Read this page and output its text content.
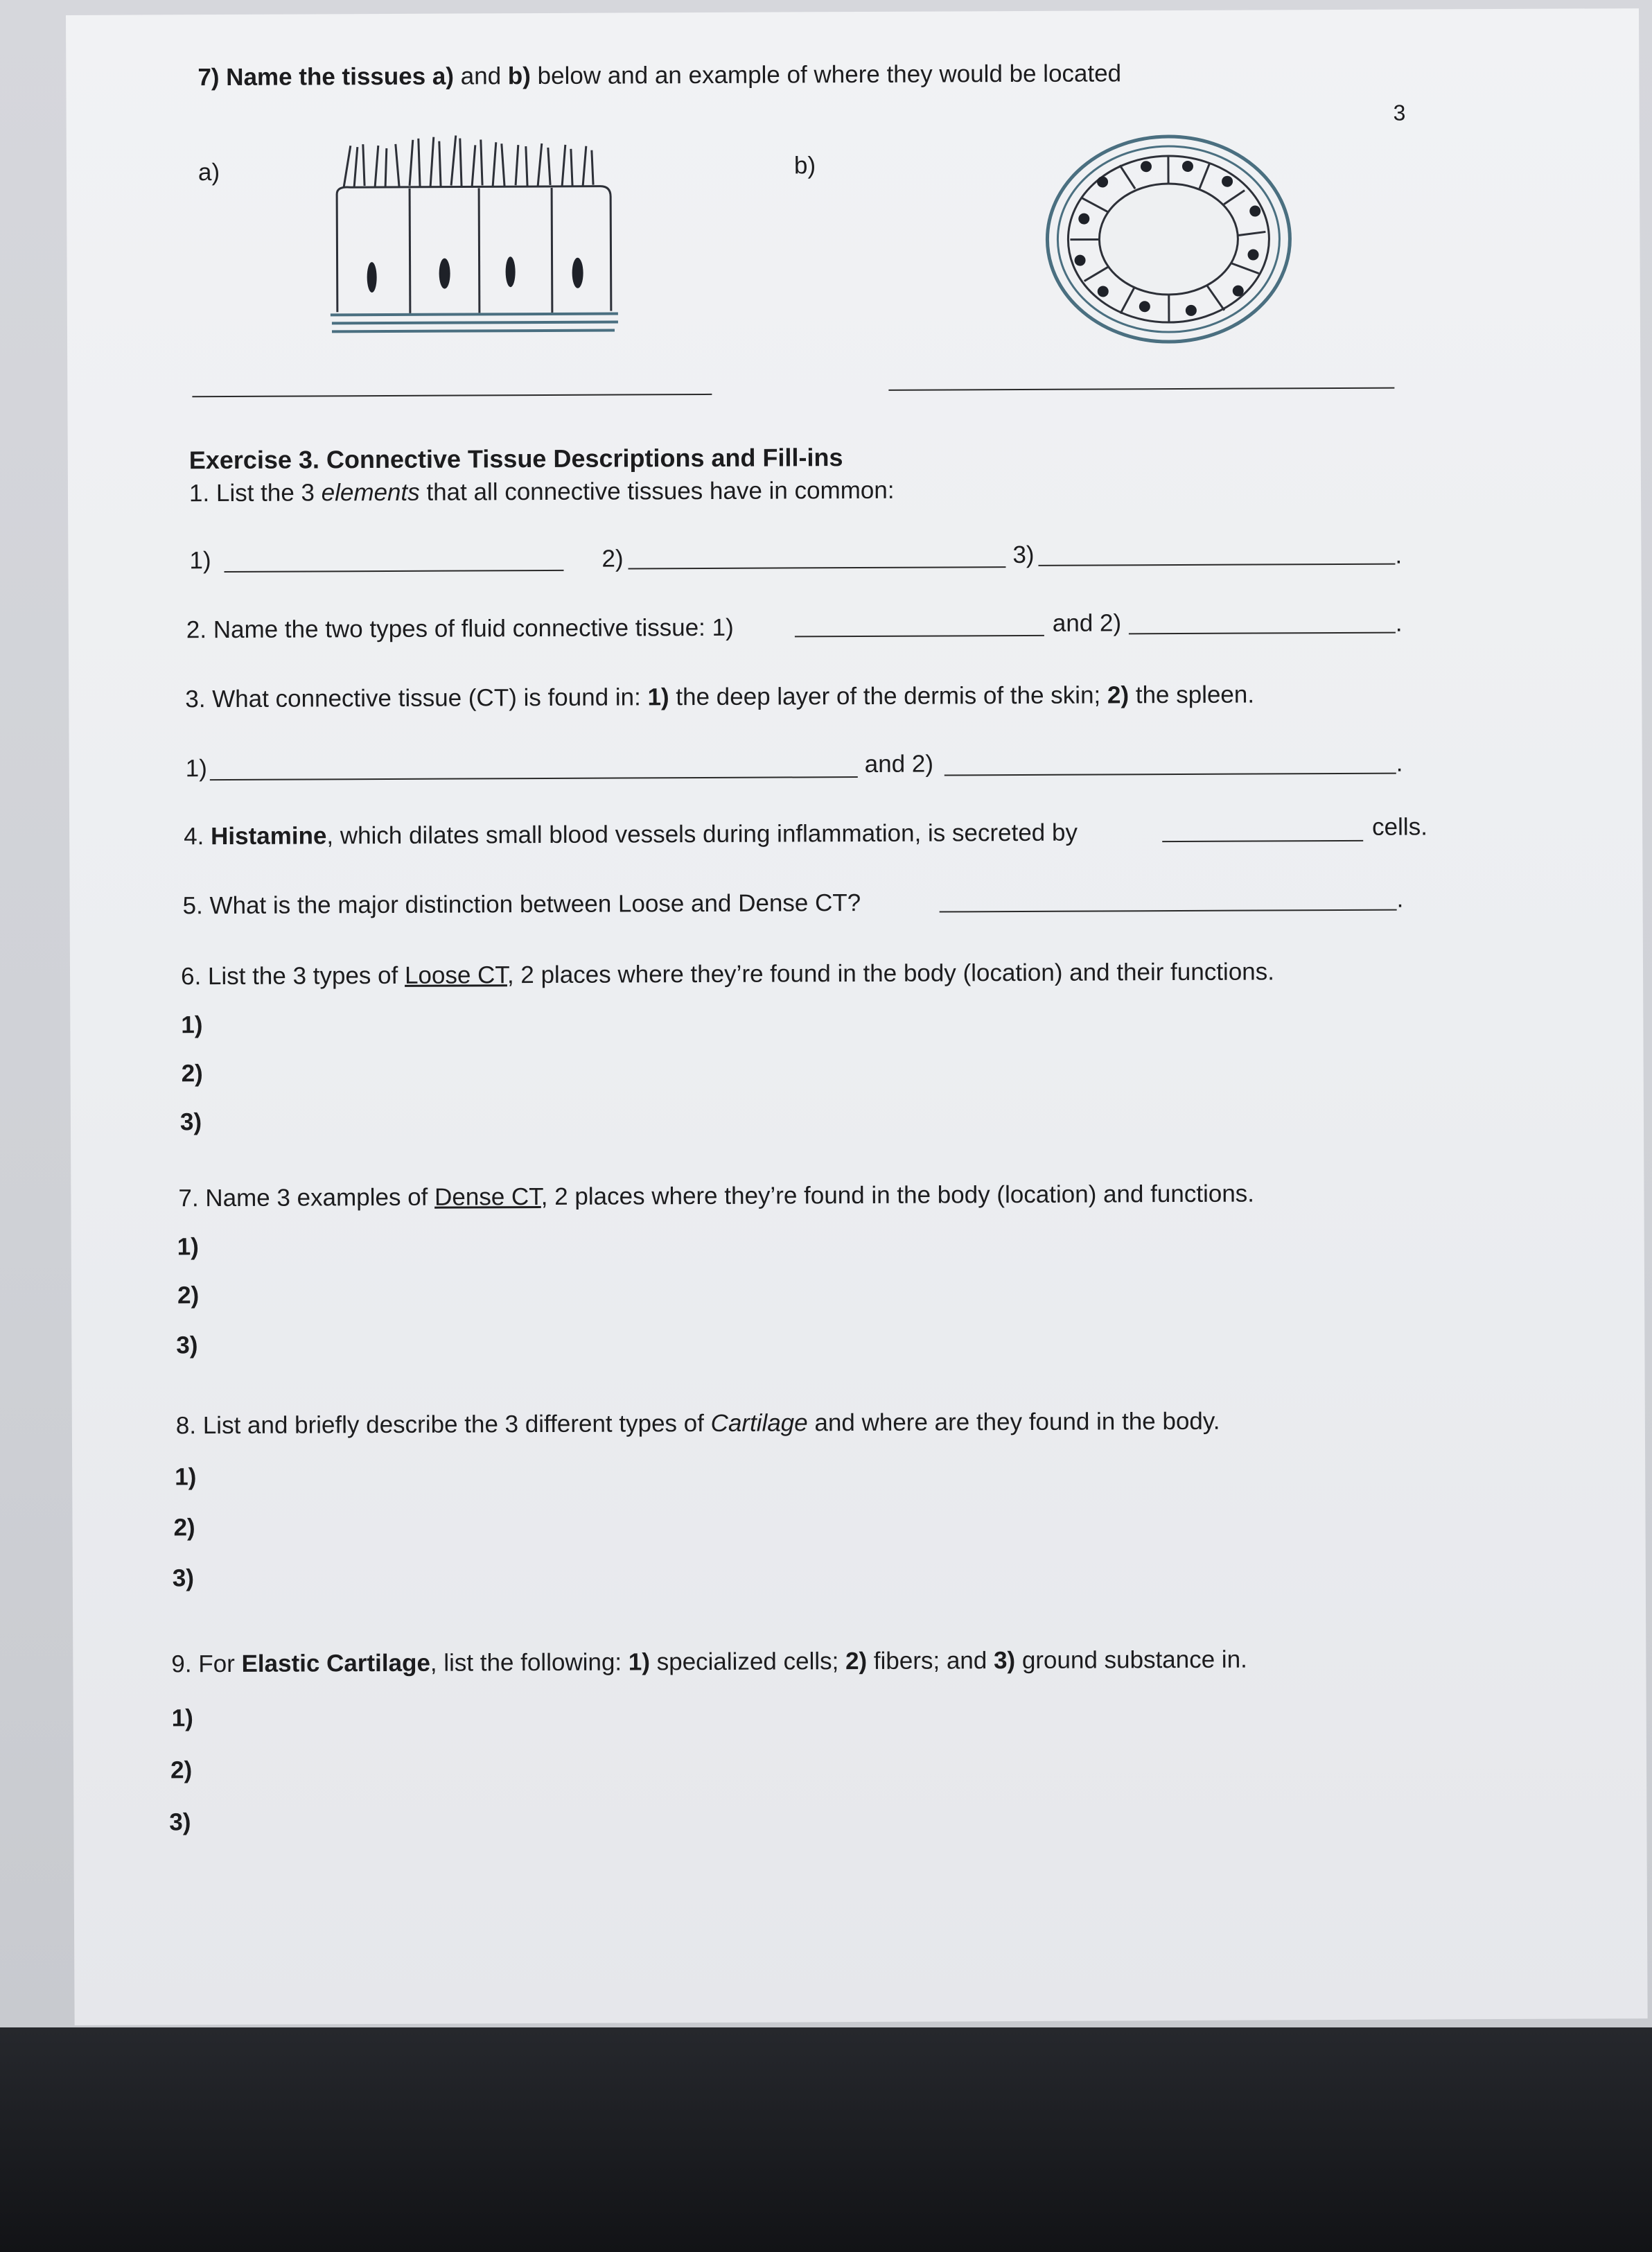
7) Name the tissues a) and b) below and an example of where they would be located
3
a)	b)
Exercise 3. Connective Tissue Descriptions and Fill-ins
1. List the 3 elements that all connective tissues have in common:
1)	2)	3)	.
2. Name the two types of fluid connective tissue: 1)	and 2)	.
3. What connective tissue (CT) is found in: 1) the deep layer of the dermis of the skin; 2) the spleen.
1)	and 2)	.
4. Histamine, which dilates small blood vessels during inflammation, is secreted by	cells.
5. What is the major distinction between Loose and Dense CT?	.
6. List the 3 types of Loose CT, 2 places where they’re found in the body (location) and their functions.
1)
2)
3)
7. Name 3 examples of Dense CT, 2 places where they’re found in the body (location) and functions.
1)
2)
3)
8. List and briefly describe the 3 different types of Cartilage and where are they found in the body.
1)
2)
3)
9. For Elastic Cartilage, list the following: 1) specialized cells; 2) fibers; and 3) ground substance in.
1)
2)
3)
